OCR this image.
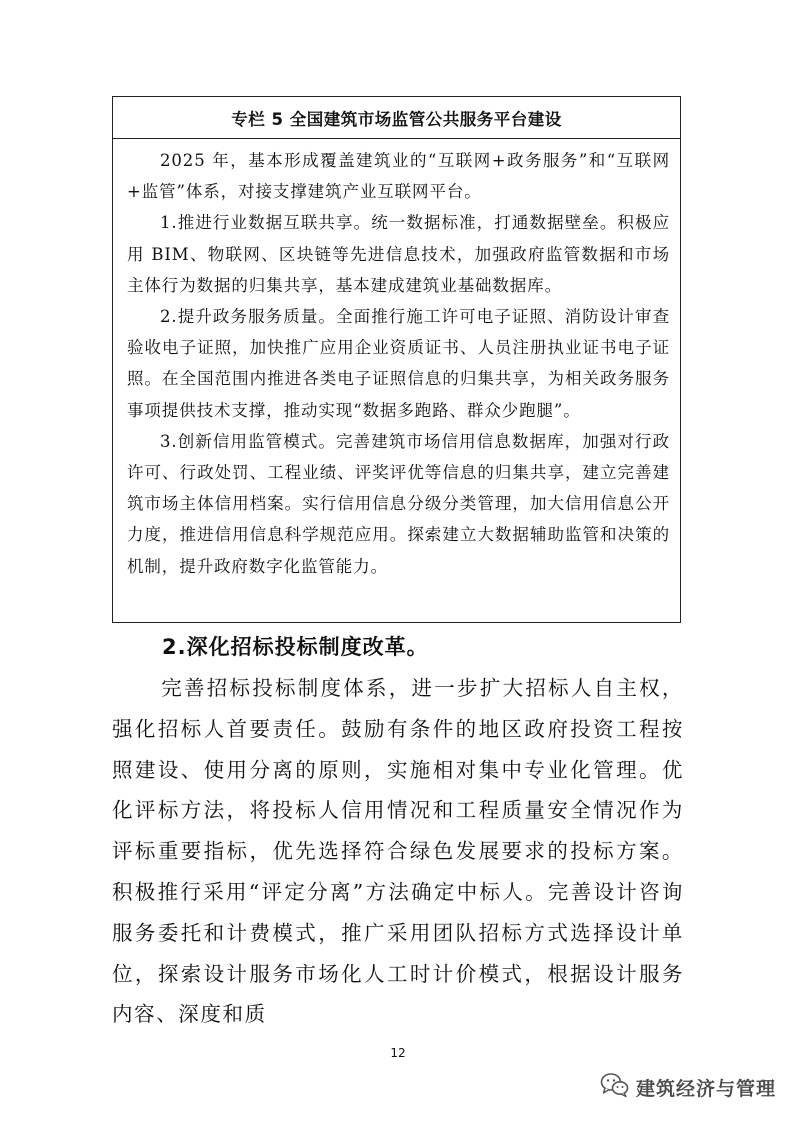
专栏 5 全国建筑市场监管公共服务平台建设

2025 年，基本形成覆盖建筑业的“互联网+政务服务”和“互联网+监管”体系，对接支撑建筑产业互联网平台。

1.推进行业数据互联共享。统一数据标准，打通数据壁垒。积极应用 BIM、物联网、区块链等先进信息技术，加强政府监管数据和市场主体行为数据的归集共享，基本建成建筑业基础数据库。

2.提升政务服务质量。全面推行施工许可电子证照、消防设计审查验收电子证照，加快推广应用企业资质证书、人员注册执业证书电子证照。在全国范围内推进各类电子证照信息的归集共享，为相关政务服务事项提供技术支撑，推动实现“数据多跑路、群众少跑腿”。

3.创新信用监管模式。完善建筑市场信用信息数据库，加强对行政许可、行政处罚、工程业绩、评奖评优等信息的归集共享，建立完善建筑市场主体信用档案。实行信用信息分级分类管理，加大信用信息公开力度，推进信用信息科学规范应用。探索建立大数据辅助监管和决策的机制，提升政府数字化监管能力。

2.深化招标投标制度改革。

完善招标投标制度体系，进一步扩大招标人自主权，强化招标人首要责任。鼓励有条件的地区政府投资工程按照建设、使用分离的原则，实施相对集中专业化管理。优化评标方法，将投标人信用情况和工程质量安全情况作为评标重要指标，优先选择符合绿色发展要求的投标方案。积极推行采用“评定分离”方法确定中标人。完善设计咨询服务委托和计费模式，推广采用团队招标方式选择设计单位，探索设计服务市场化人工时计价模式，根据设计服务内容、深度和质

12
建筑经济与管理
